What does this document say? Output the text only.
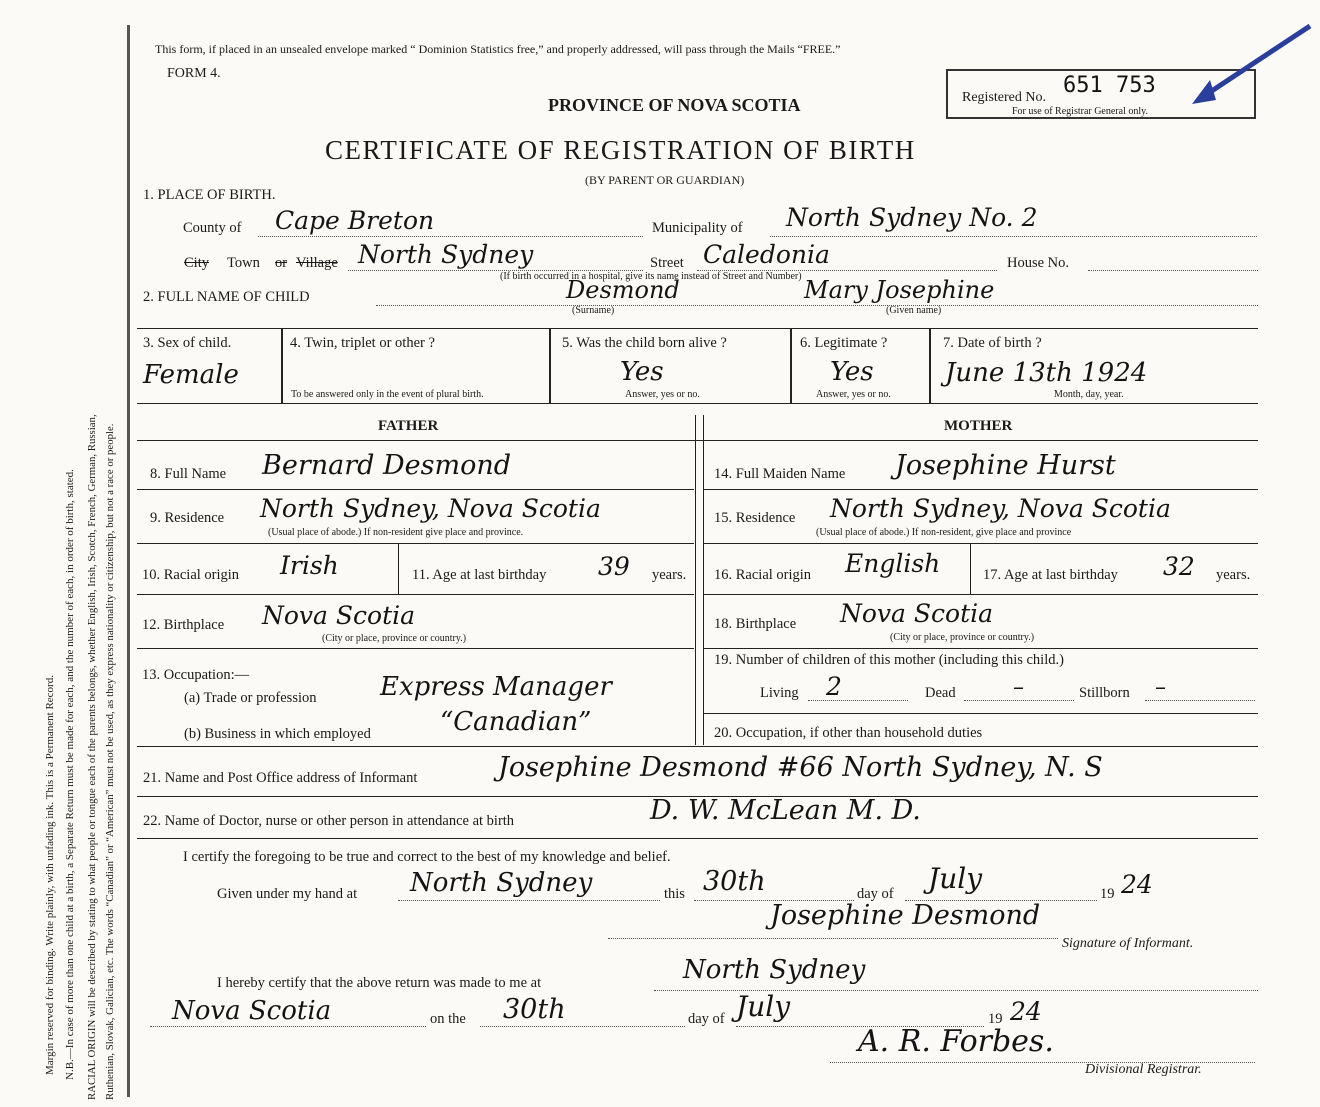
Margin reserved for binding. Write plainly, with unfading ink. This is a Permanent Record. N.B.—In case of more than one child at a birth, a Separate Return must be made for each, and the number of each, in order of birth, stated. RACIAL ORIGIN will be described by stating to what people or tongue each of the parents belongs, whether English, Irish, Scotch, French, German, Russian, Ruthenian, Slovak, Galician, etc. The words “Canadian” or “American” must not be used, as they express nationality or citizenship, but not a race or people.
This form, if placed in an unsealed envelope marked “ Dominion Statistics free,” and properly addressed, will pass through the Mails “FREE.”
FORM 4.
PROVINCE OF NOVA SCOTIA
CERTIFICATE OF REGISTRATION OF BIRTH
(BY PARENT OR GUARDIAN)
Registered No. 651 753
For use of Registrar General only.
1. PLACE OF BIRTH.
County of Cape Breton	Municipality of North Sydney No. 2
City Town or Village North Sydney	Street Caledonia
(If birth occurred in a hospital, give its name instead of Street and Number)
House No.
2. FULL NAME OF CHILD	Desmond
(Surname)
Mary Josephine
(Given name)
3. Sex of child.
Female
4. Twin, triplet or other ?
To be answered only in the event of plural birth.
5. Was the child born alive ?
Yes
Answer, yes or no.
6. Legitimate ?
Yes
Answer, yes or no.
7. Date of birth ?
June 13th 1924
Month, day, year.
FATHER	MOTHER
8. Full Name Bernard Desmond
9. Residence North Sydney, Nova Scotia
(Usual place of abode.) If non-resident give place and province.
10. Racial origin Irish	11. Age at last birthday 39 years.
12. Birthplace Nova Scotia
(City or place, province or country.)
13. Occupation:—
(a) Trade or profession Express Manager
(b) Business in which employed	“Canadian”
14. Full Maiden Name Josephine Hurst
15. Residence North Sydney, Nova Scotia
(Usual place of abode.) If non-resident, give place and province
16. Racial origin English	17. Age at last birthday 32 years.
18. Birthplace Nova Scotia
(City or place, province or country.)
19. Number of children of this mother (including this child.)
Living 2	Dead	–	Stillborn –
20. Occupation, if other than household duties
21. Name and Post Office address of Informant	Josephine Desmond #66 North Sydney, N. S
22. Name of Doctor, nurse or other person in attendance at birth	D. W. McLean M. D.
I certify the foregoing to be true and correct to the best of my knowledge and belief.
Given under my hand at North Sydney	this 30th	day of July	19 24
Josephine Desmond
Signature of Informant.
I hereby certify that the above return was made to me at	North Sydney
Nova Scotia	on the 30th	day of July	19 24
A. R. Forbes.
Divisional Registrar.
